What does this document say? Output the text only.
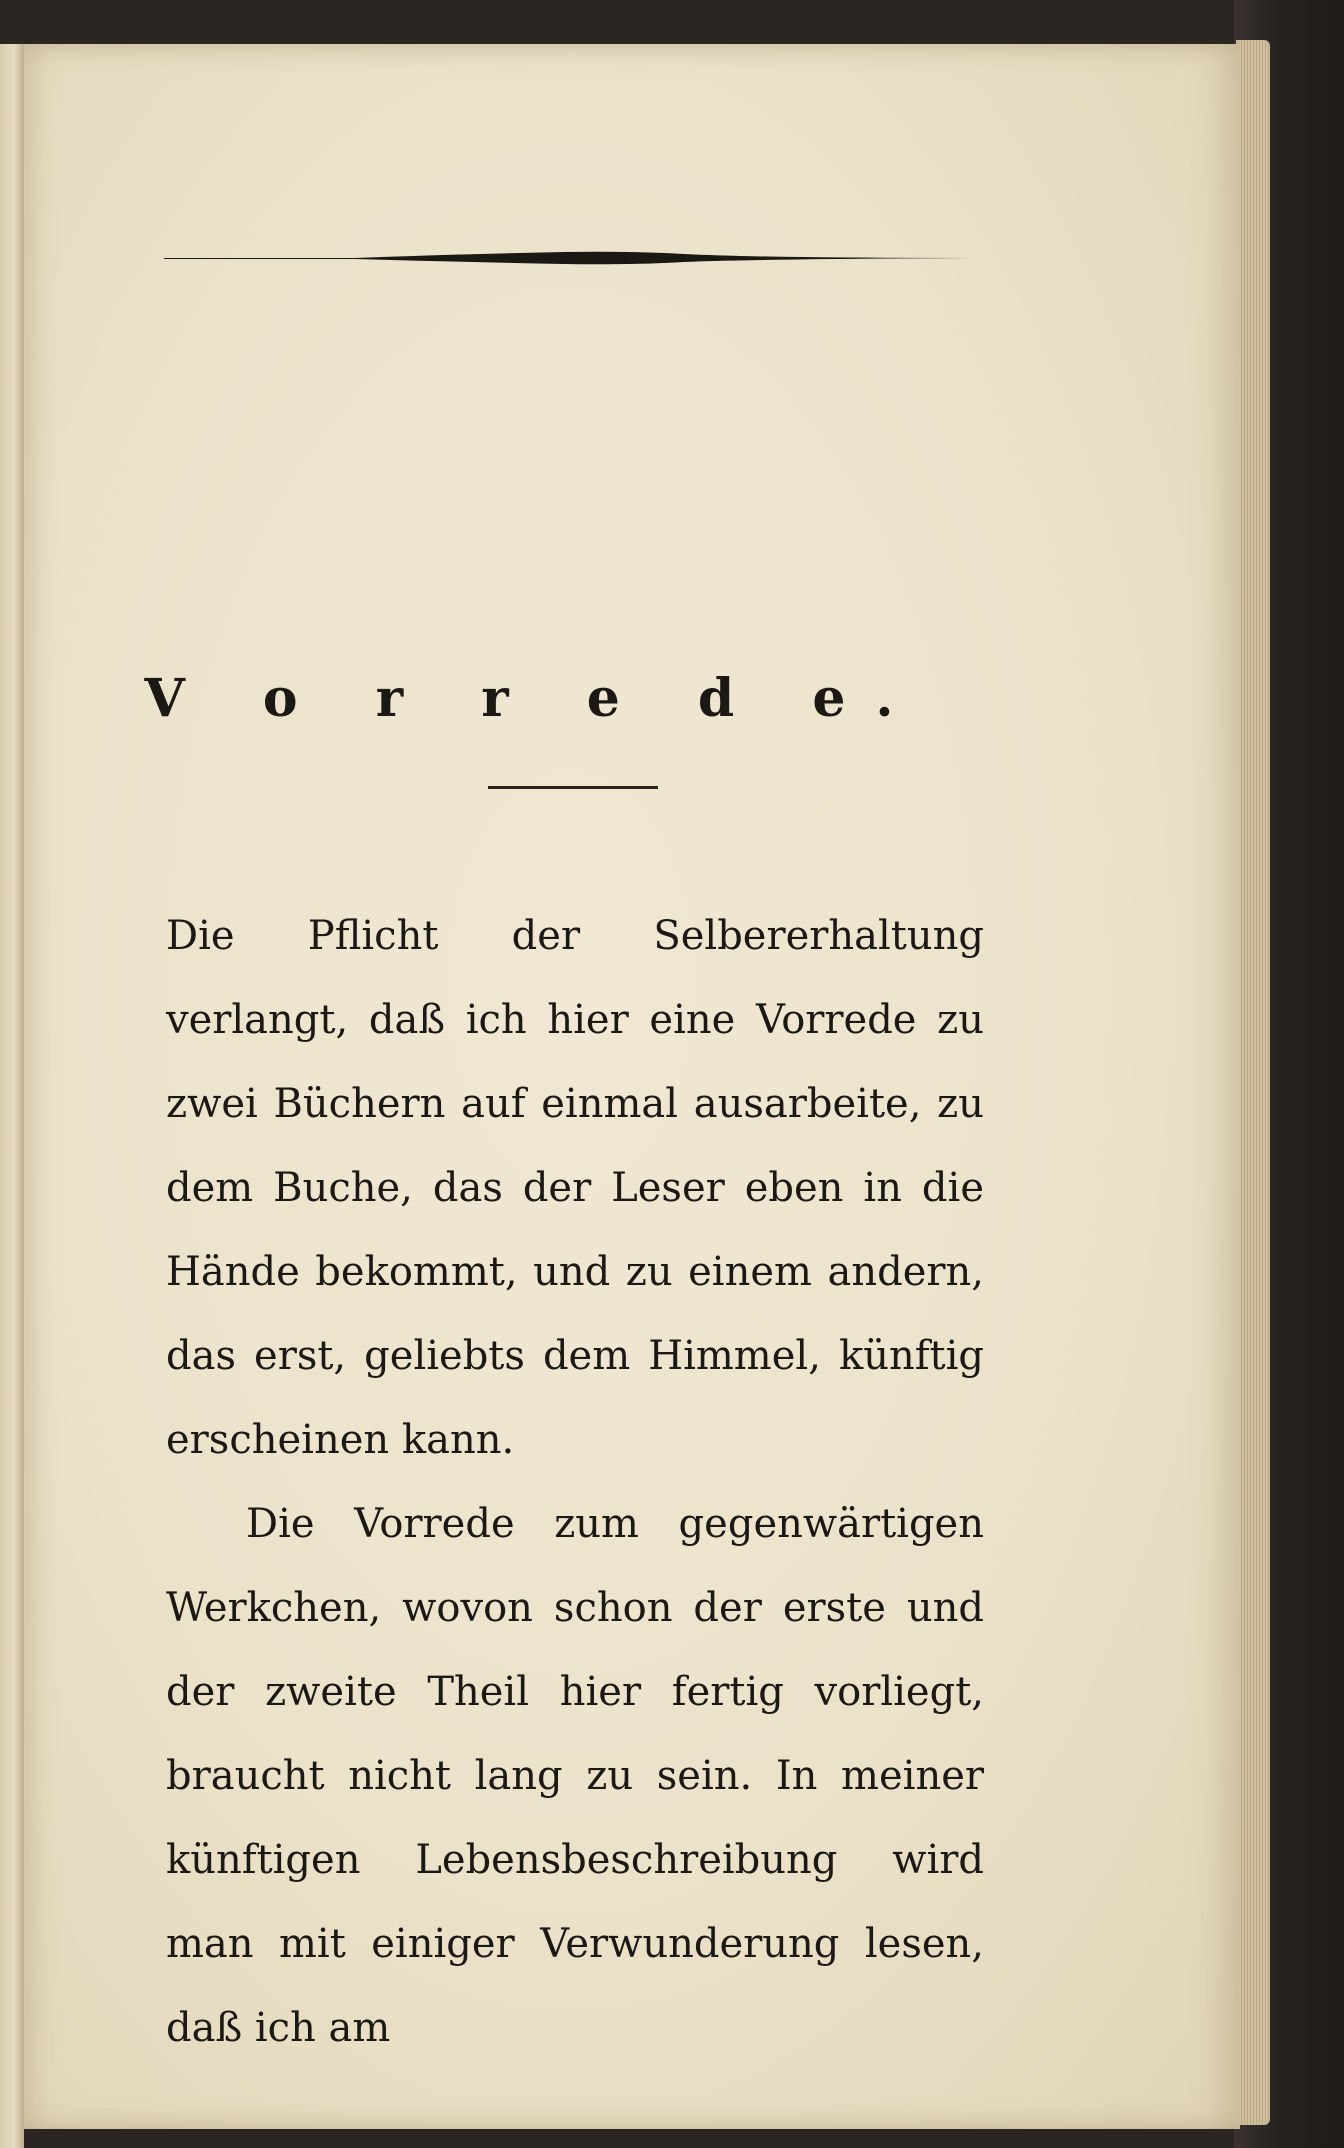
V o r r e d e.

Die Pflicht der Selbererhaltung verlangt, daß ich hier eine Vorrede zu zwei Büchern auf einmal ausarbeite, zu dem Buche, das der Leser eben in die Hände bekommt, und zu einem andern, das erst, geliebts dem Himmel, künftig erscheinen kann.

Die Vorrede zum gegenwärtigen Werkchen, wovon schon der erste und der zweite Theil hier fertig vorliegt, braucht nicht lang zu sein. In meiner künftigen Lebensbeschreibung wird man mit einiger Verwunderung lesen, daß ich am
